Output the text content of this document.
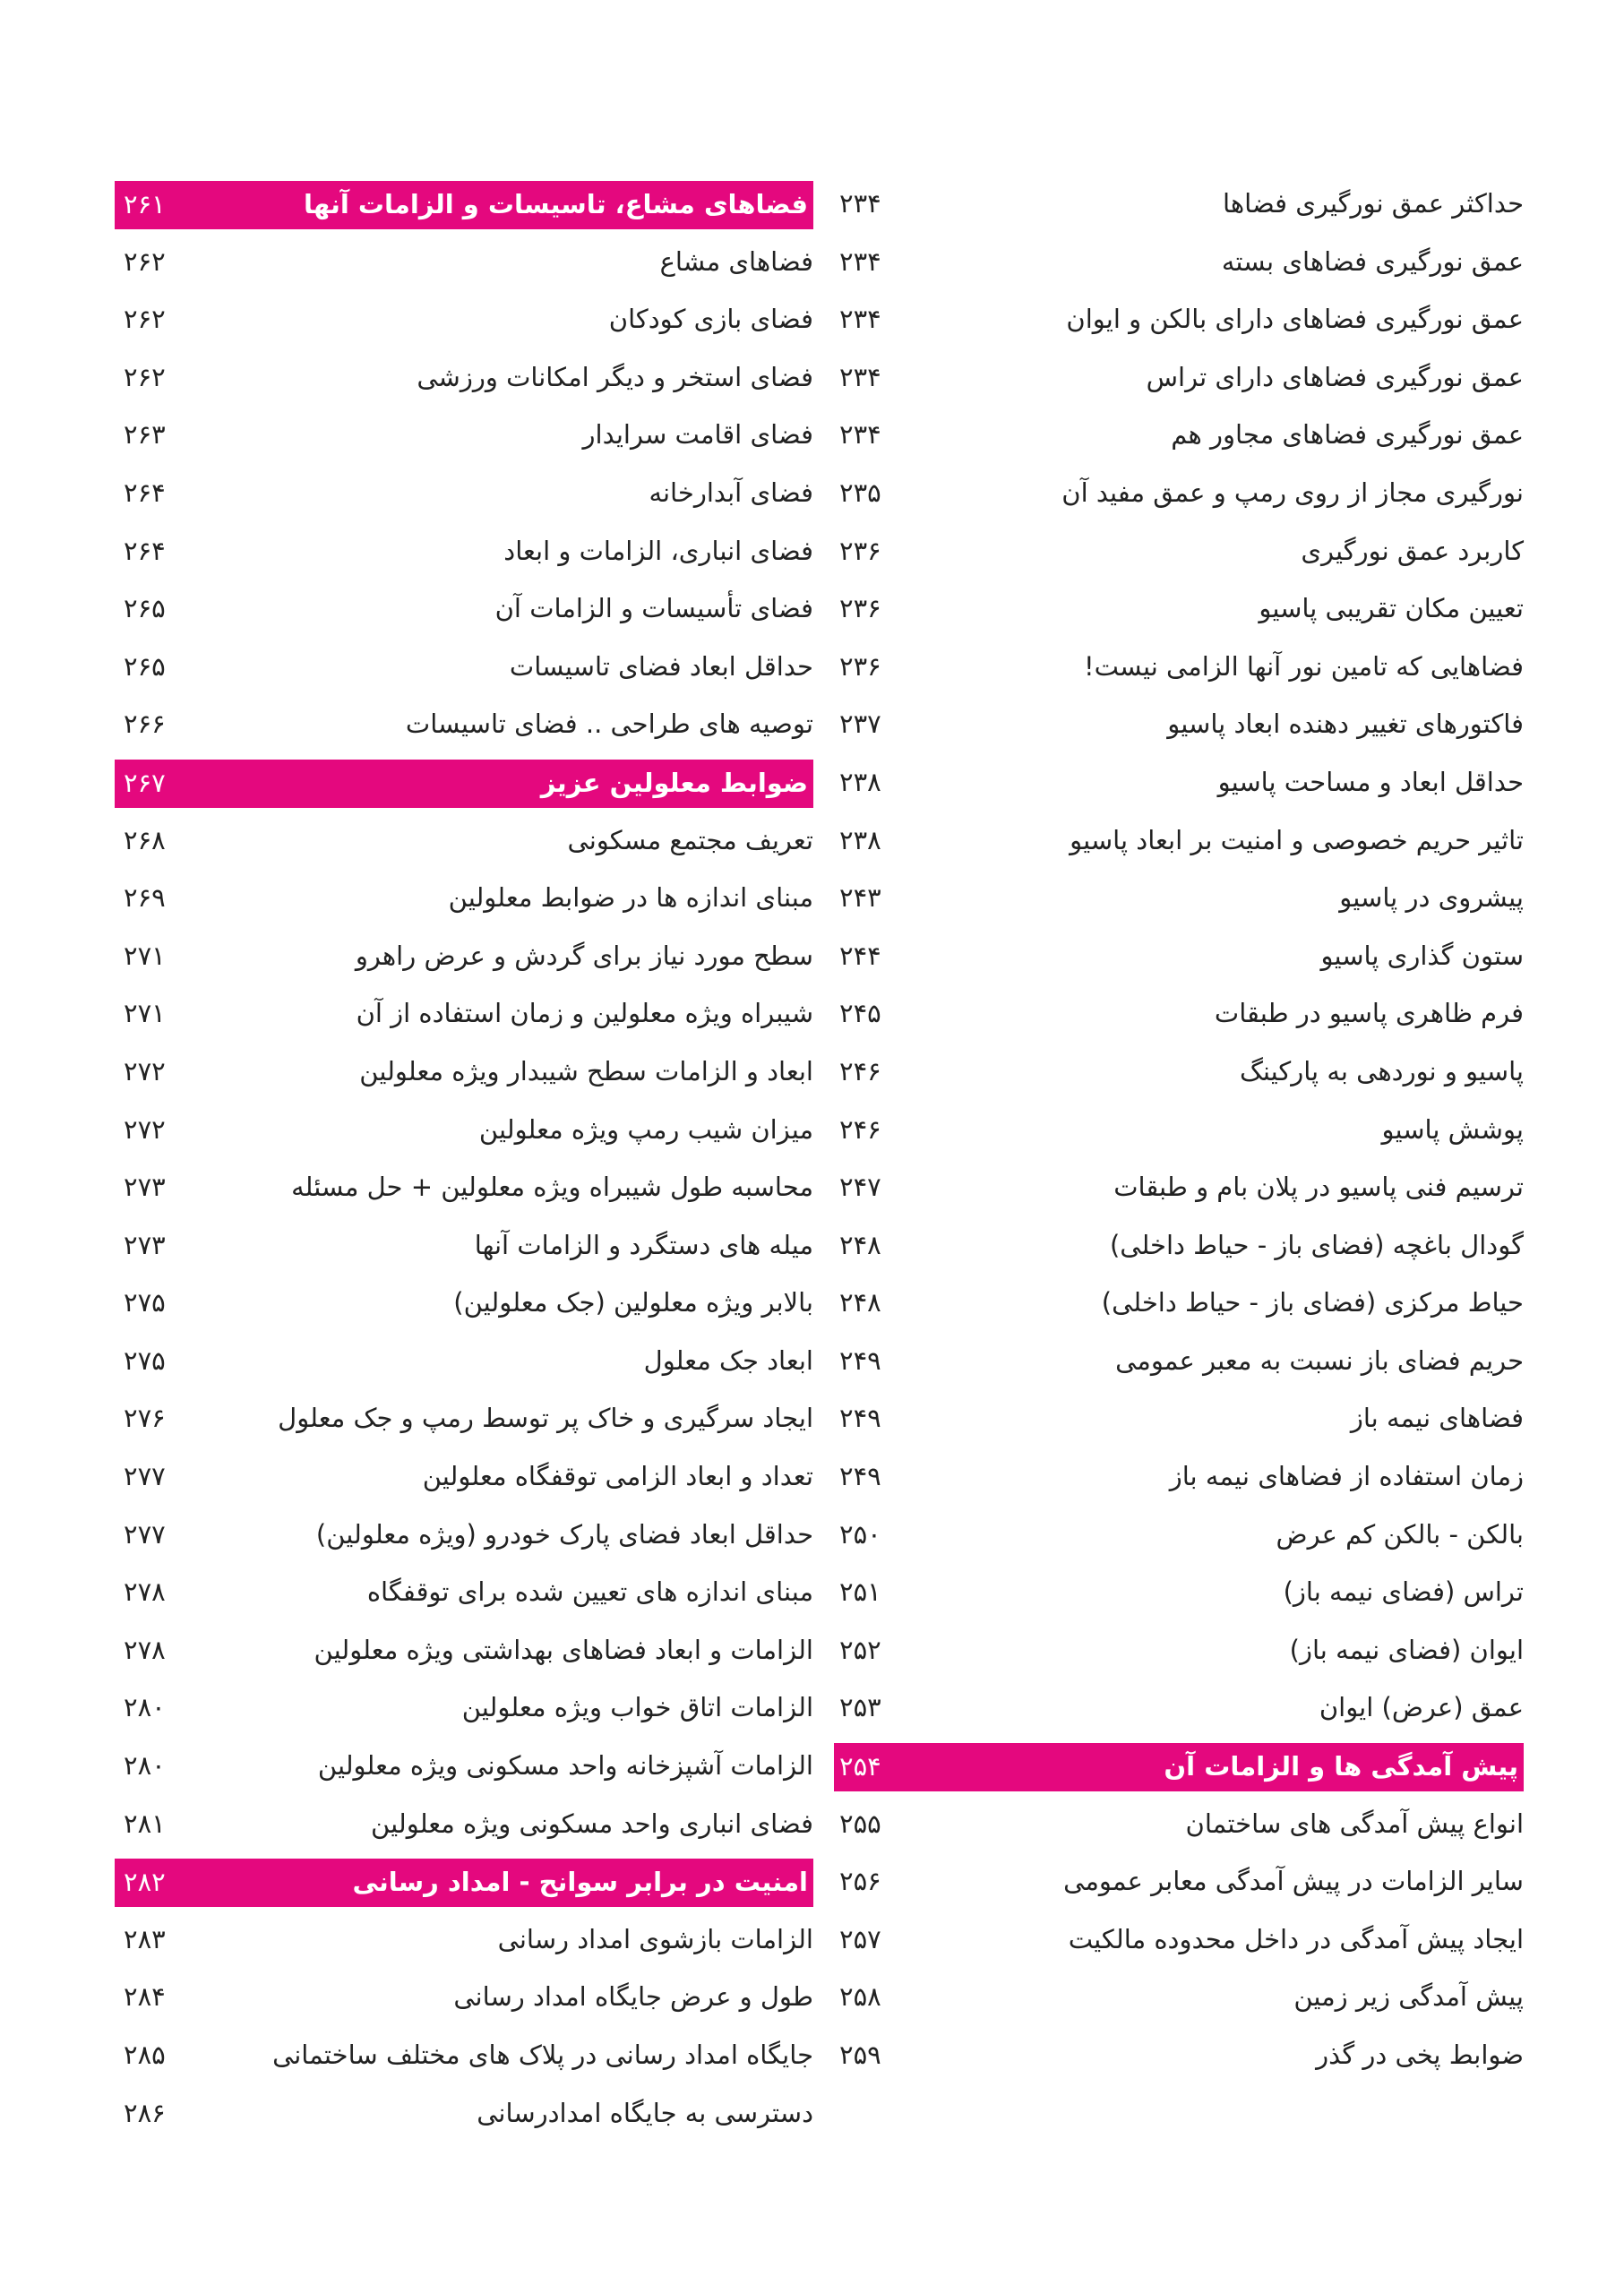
حداکثر عمق نورگیری فضاها
۲۳۴
عمق نورگیری فضاهای بسته
۲۳۴
عمق نورگیری فضاهای دارای بالکن و ایوان
۲۳۴
عمق نورگیری فضاهای دارای تراس
۲۳۴
عمق نورگیری فضاهای مجاور هم
۲۳۴
نورگیری مجاز از روی رمپ و عمق مفید آن
۲۳۵
کاربرد عمق نورگیری
۲۳۶
تعیین مکان تقریبی پاسیو
۲۳۶
فضاهایی که تامین نور آنها الزامی نیست!
۲۳۶
فاکتورهای تغییر دهنده ابعاد پاسیو
۲۳۷
حداقل ابعاد و مساحت پاسیو
۲۳۸
تاثیر حریم خصوصی و امنیت بر ابعاد پاسیو
۲۳۸
پیشروی در پاسیو
۲۴۳
ستون گذاری پاسیو
۲۴۴
فرم ظاهری پاسیو در طبقات
۲۴۵
پاسیو و نوردهی به پارکینگ
۲۴۶
پوشش پاسیو
۲۴۶
ترسیم فنی پاسیو در پلان بام و طبقات
۲۴۷
گودال باغچه (فضای باز - حیاط داخلی)
۲۴۸
حیاط مرکزی (فضای باز - حیاط داخلی)
۲۴۸
حریم فضای باز نسبت به معبر عمومی
۲۴۹
فضاهای نیمه باز
۲۴۹
زمان استفاده از فضاهای نیمه باز
۲۴۹
بالکن - بالکن کم عرض
۲۵۰
تراس (فضای نیمه باز)
۲۵۱
ایوان (فضای نیمه باز)
۲۵۲
عمق (عرض) ایوان
۲۵۳
پیش آمدگی ها و الزامات آن
۲۵۴
انواع پیش آمدگی های ساختمان
۲۵۵
سایر الزامات در پیش آمدگی معابر عمومی
۲۵۶
ایجاد پیش آمدگی در داخل محدوده مالکیت
۲۵۷
پیش آمدگی زیر زمین
۲۵۸
ضوابط پخی در گذر
۲۵۹
فضاهای مشاع، تاسیسات و الزامات آنها
۲۶۱
فضاهای مشاع
۲۶۲
فضای بازی کودکان
۲۶۲
فضای استخر و دیگر امکانات ورزشی
۲۶۲
فضای اقامت سرایدار
۲۶۳
فضای آبدارخانه
۲۶۴
فضای انباری، الزامات و ابعاد
۲۶۴
فضای تأسیسات و الزامات آن
۲۶۵
حداقل ابعاد فضای تاسیسات
۲۶۵
توصیه های طراحی .. فضای تاسیسات
۲۶۶
ضوابط معلولین عزیز
۲۶۷
تعریف مجتمع مسکونی
۲۶۸
مبنای اندازه ها در ضوابط معلولین
۲۶۹
سطح مورد نیاز برای گردش و عرض راهرو
۲۷۱
شیبراه ویژه معلولین و زمان استفاده از آن
۲۷۱
ابعاد و الزامات سطح شیبدار ویژه معلولین
۲۷۲
میزان شیب رمپ ویژه معلولین
۲۷۲
محاسبه طول شیبراه ویژه معلولین + حل مسئله
۲۷۳
میله های دستگرد و الزامات آنها
۲۷۳
بالابر ویژه معلولین (جک معلولین)
۲۷۵
ابعاد جک معلول
۲۷۵
ایجاد سرگیری و خاک پر توسط رمپ و جک معلول
۲۷۶
تعداد و ابعاد الزامی توقفگاه معلولین
۲۷۷
حداقل ابعاد فضای پارک خودرو (ویژه معلولین)
۲۷۷
مبنای اندازه های تعیین شده برای توقفگاه
۲۷۸
الزامات و ابعاد فضاهای بهداشتی ویژه معلولین
۲۷۸
الزامات اتاق خواب ویژه معلولین
۲۸۰
الزامات آشپزخانه واحد مسکونی ویژه معلولین
۲۸۰
فضای انباری واحد مسکونی ویژه معلولین
۲۸۱
امنیت در برابر سوانح - امداد رسانی
۲۸۲
الزامات بازشوی امداد رسانی
۲۸۳
طول و عرض جایگاه امداد رسانی
۲۸۴
جایگاه امداد رسانی در پلاک های مختلف ساختمانی
۲۸۵
دسترسی به جایگاه امدادرسانی
۲۸۶
